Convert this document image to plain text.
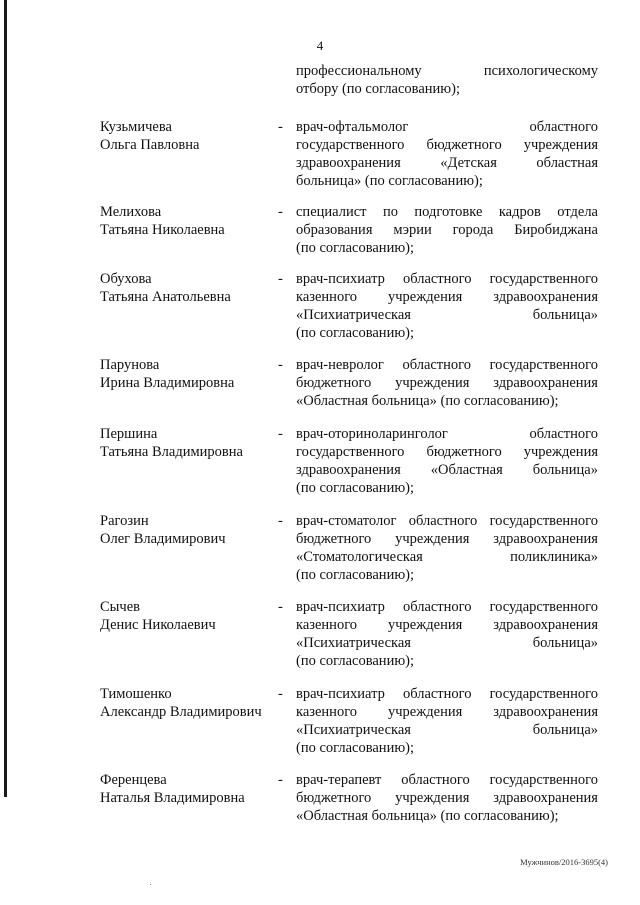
4
профессиональному	психологическому
отбору (по согласованию);
Кузьмичева
Ольга Павловна
- врач-офтальмолог	областного
государственного бюджетного учреждения
здравоохранения	«Детская	областная
больница» (по согласованию);
Мелихова
Татьяна Николаевна
- специалист по подготовке кадров отдела
образования мэрии города Биробиджана
(по согласованию);
Обухова
Татьяна Анатольевна
- врач-психиатр областного государственного
казенного учреждения здравоохранения
«Психиатрическая	больница»
(по согласованию);
Парунова
Ирина Владимировна
- врач-невролог областного государственного
бюджетного учреждения здравоохранения
«Областная больница» (по согласованию);
Першина
Татьяна Владимировна
- врач-оториноларинголог	областного
государственного бюджетного учреждения
здравоохранения «Областная больница»
(по согласованию);
Рагозин
Олег Владимирович
- врач-стоматолог областного государственного
бюджетного учреждения здравоохранения
«Стоматологическая	поликлиника»
(по согласованию);
Сычев
Денис Николаевич
- врач-психиатр областного государственного
казенного учреждения здравоохранения
«Психиатрическая	больница»
(по согласованию);
Тимошенко
Александр Владимирович
- врач-психиатр областного государственного
казенного учреждения здравоохранения
«Психиатрическая	больница»
(по согласованию);
Ференцева
Наталья Владимировна
- врач-терапевт областного государственного
бюджетного учреждения здравоохранения
«Областная больница» (по согласованию);
Мужчинов/2016-3695(4)
